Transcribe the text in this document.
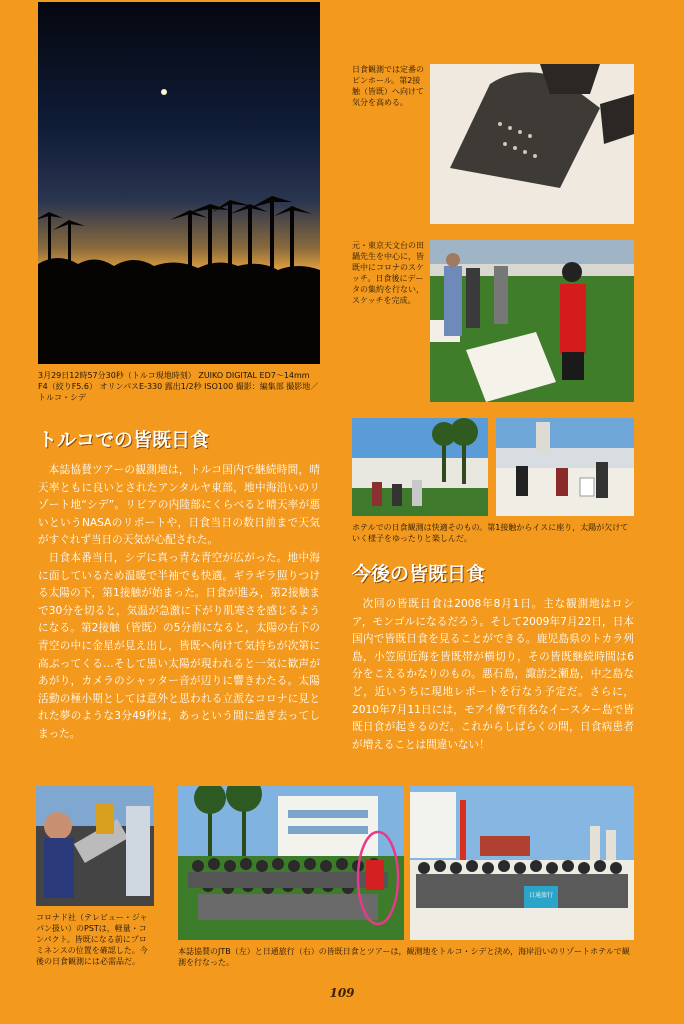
3月29日12時57分30秒（トルコ現地時刻） ZUIKO DIGITAL ED7〜14mm F4（絞りF5.6） オリンパスE-330 露出1/2秒 ISO100 撮影：編集部 撮影地／トルコ・シデ
日食観測では定番のピンホール。第2接触（皆既）へ向けて気分を高める。
元・東京天文台の田鍋先生を中心に，皆既中にコロナのスケッチ。日食後にデータの集約を行ない，スケッチを完成。
ホテルでの日食観測は快適そのもの。第1接触からイスに座り，太陽が欠けていく様子をゆったりと楽しんだ。
トルコでの皆既日食

本誌協賛ツアーの観測地は，トルコ国内で継続時間，晴天率ともに良いとされたアンタルヤ東部，地中海沿いのリゾート地“シデ”。リビアの内陸部にくらべると晴天率が悪いというNASAのリポートや，日食当日の数日前まで天気がすぐれず当日の天気が心配された。

日食本番当日，シデに真っ青な青空が広がった。地中海に面しているため温暖で半袖でも快適。ギラギラ照りつける太陽の下，第1接触が始まった。日食が進み，第2接触まで30分を切ると，気温が急激に下がり肌寒さを感じるようになる。第2接触（皆既）の5分前になると，太陽の右下の青空の中に金星が見え出し，皆既へ向けて気持ちが次第に高ぶってくる…そして黒い太陽が現われると一気に歓声があがり，カメラのシャッター音が辺りに響きわたる。太陽活動の極小期としては意外と思われる立派なコロナに見とれた夢のような3分49秒は，あっという間に過ぎ去ってしまった。

今後の皆既日食

次回の皆既日食は2008年8月1日。主な観測地はロシア，モンゴルになるだろう。そして2009年7月22日，日本国内で皆既日食を見ることができる。鹿児島県のトカラ列島，小笠原近海を皆既帯が横切り，その皆既継続時間は6分をこえるかなりのもの。悪石島，諏訪之瀬島，中之島など，近いうちに現地レポートを行なう予定だ。さらに，2010年7月11日には，モアイ像で有名なイースター島で皆既日食が起きるのだ。これからしばらくの間，日食病患者が増えることは間違いない！

コロナド社（テレビュー・ジャパン扱い）のPSTは，軽量・コンパクト。皆既になる前にプロミネンスの位置を確認した。今後の日食観測には必需品だ。
日通旅行
本誌協賛のJTB（左）と日通旅行（右）の皆既日食とツアーは，観測地をトルコ・シデと決め，海岸沿いのリゾートホテルで観測を行なった。
109
